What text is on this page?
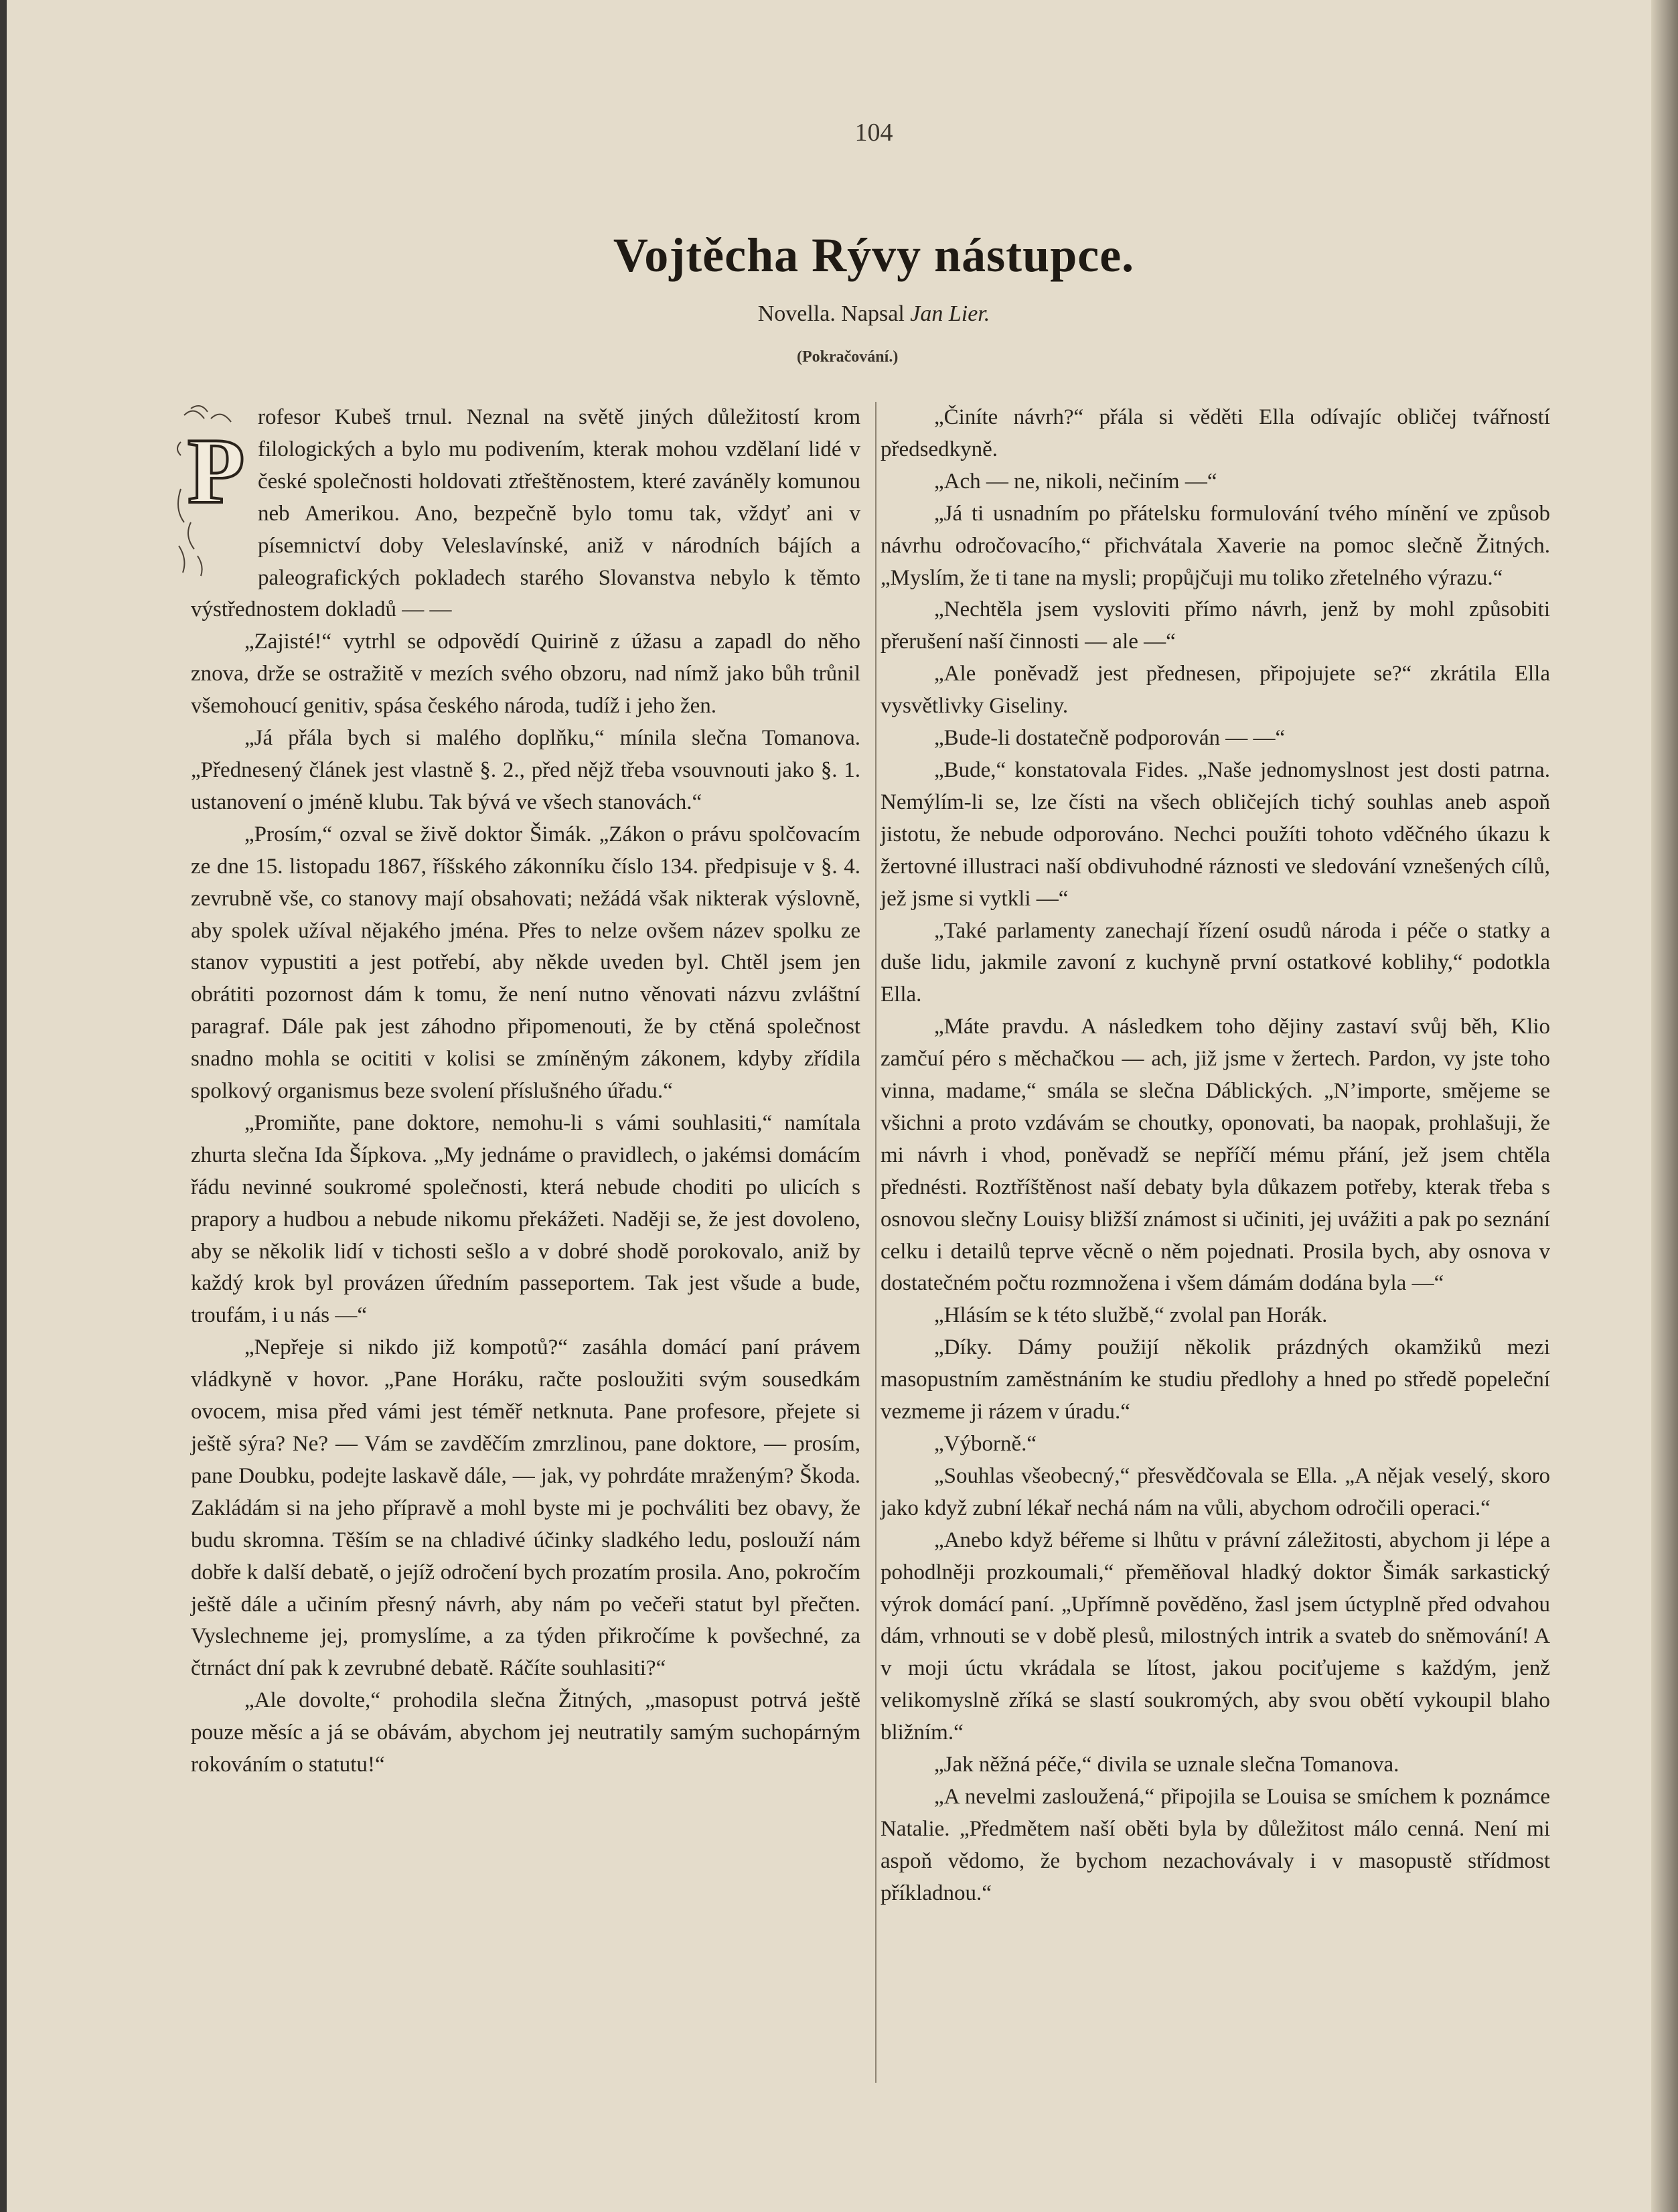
104
Vojtěcha Rývy nástupce.
Novella. Napsal Jan Lier.
(Pokračování.)

P
rofesor Kubeš trnul. Neznal na světě jiných důležitostí krom filologických a bylo mu podivením, kterak mohou vzdělaní lidé v české společnosti holdovati ztřeštěnostem, které zaváněly komunou neb Amerikou. Ano, bezpečně bylo tomu tak, vždyť ani v písemnictví doby Veleslavínské, aniž v národních bájích a paleografických pokladech starého Slovanstva nebylo k těmto výstřednostem dokladů — —

„Zajisté!“ vytrhl se odpovědí Quirině z úžasu a zapadl do něho znova, drže se ostražitě v mezích svého obzoru, nad nímž jako bůh trůnil všemohoucí genitiv, spása českého národa, tudíž i jeho žen.

„Já přála bych si malého doplňku,“ mínila slečna Tomanova. „Přednesený článek jest vlastně §. 2., před nějž třeba vsouvnouti jako §. 1. ustanovení o jméně klubu. Tak bývá ve všech stanovách.“

„Prosím,“ ozval se živě doktor Šimák. „Zákon o právu spolčovacím ze dne 15. listopadu 1867, říšského zákonníku číslo 134. předpisuje v §. 4. zevrubně vše, co stanovy mají obsahovati; nežádá však nikterak výslovně, aby spolek užíval nějakého jména. Přes to nelze ovšem název spolku ze stanov vypustiti a jest potřebí, aby někde uveden byl. Chtěl jsem jen obrátiti pozornost dám k tomu, že není nutno věnovati názvu zvláštní paragraf. Dále pak jest záhodno připomenouti, že by ctěná společnost snadno mohla se ocititi v kolisi se zmíněným zákonem, kdyby zřídila spolkový organismus beze svolení příslušného úřadu.“

„Promiňte, pane doktore, nemohu-li s vámi souhlasiti,“ namítala zhurta slečna Ida Šípkova. „My jednáme o pravidlech, o jakémsi domácím řádu nevinné soukromé společnosti, která nebude choditi po ulicích s prapory a hudbou a nebude nikomu překážeti. Naději se, že jest dovoleno, aby se několik lidí v tichosti sešlo a v dobré shodě porokovalo, aniž by každý krok byl provázen úředním passeportem. Tak jest všude a bude, troufám, i u nás —“

„Nepřeje si nikdo již kompotů?“ zasáhla domácí paní právem vládkyně v hovor. „Pane Horáku, račte posloužiti svým sousedkám ovocem, misa před vámi jest téměř netknuta. Pane profesore, přejete si ještě sýra? Ne? — Vám se zavděčím zmrzlinou, pane doktore, — prosím, pane Doubku, podejte laskavě dále, — jak, vy pohrdáte mraženým? Škoda. Zakládám si na jeho přípravě a mohl byste mi je pochváliti bez obavy, že budu skromna. Těším se na chladivé účinky sladkého ledu, poslouží nám dobře k další debatě, o jejíž odročení bych prozatím prosila. Ano, pokročím ještě dále a učiním přesný návrh, aby nám po večeři statut byl přečten. Vyslechneme jej, promyslíme, a za týden přikročíme k povšechné, za čtrnáct dní pak k zevrubné debatě. Ráčíte souhlasiti?“

„Ale dovolte,“ prohodila slečna Žitných, „masopust potrvá ještě pouze měsíc a já se obávám, abychom jej neutratily samým suchopárným rokováním o statutu!“

„Činíte návrh?“ přála si věděti Ella odívajíc obličej tvářností předsedkyně.

„Ach — ne, nikoli, nečiním —“

„Já ti usnadním po přátelsku formulování tvého mínění ve způsob návrhu odročovacího,“ přichvátala Xaverie na pomoc slečně Žitných. „Myslím, že ti tane na mysli; propůjčuji mu toliko zřetelného výrazu.“

„Nechtěla jsem vysloviti přímo návrh, jenž by mohl způsobiti přerušení naší činnosti — ale —“

„Ale poněvadž jest přednesen, připojujete se?“ zkrátila Ella vysvětlivky Giseliny.

„Bude-li dostatečně podporován — —“

„Bude,“ konstatovala Fides. „Naše jednomyslnost jest dosti patrna. Nemýlím-li se, lze čísti na všech obličejích tichý souhlas aneb aspoň jistotu, že nebude odporováno. Nechci použíti tohoto vděčného úkazu k žertovné illustraci naší obdivuhodné ráznosti ve sledování vznešených cílů, jež jsme si vytkli —“

„Také parlamenty zanechají řízení osudů národa i péče o statky a duše lidu, jakmile zavoní z kuchyně první ostatkové koblihy,“ podotkla Ella.

„Máte pravdu. A následkem toho dějiny zastaví svůj běh, Klio zamčuí péro s měchačkou — ach, již jsme v žertech. Pardon, vy jste toho vinna, madame,“ smála se slečna Dáblických. „N’importe, smějeme se všichni a proto vzdávám se choutky, oponovati, ba naopak, prohlašuji, že mi návrh i vhod, poněvadž se nepříčí mému přání, jež jsem chtěla přednésti. Roztříštěnost naší debaty byla důkazem potřeby, kterak třeba s osnovou slečny Louisy bližší známost si učiniti, jej uvážiti a pak po seznání celku i detailů teprve věcně o něm pojednati. Prosila bych, aby osnova v dostatečném počtu rozmnožena i všem dámám dodána byla —“

„Hlásím se k této službě,“ zvolal pan Horák.

„Díky. Dámy použijí několik prázdných okamžiků mezi masopustním zaměstnáním ke studiu předlohy a hned po středě popeleční vezmeme ji rázem v úradu.“

„Výborně.“

„Souhlas všeobecný,“ přesvědčovala se Ella. „A nějak veselý, skoro jako když zubní lékař nechá nám na vůli, abychom odročili operaci.“

„Anebo když béřeme si lhůtu v právní záležitosti, abychom ji lépe a pohodlněji prozkoumali,“ přeměňoval hladký doktor Šimák sarkastický výrok domácí paní. „Upřímně pověděno, žasl jsem úctyplně před odvahou dám, vrhnouti se v době plesů, milostných intrik a svateb do sněmování! A v moji úctu vkrádala se lítost, jakou pociťujeme s každým, jenž velikomyslně zříká se slastí soukromých, aby svou obětí vykoupil blaho bližním.“

„Jak něžná péče,“ divila se uznale slečna Tomanova.

„A nevelmi zasloužená,“ připojila se Louisa se smíchem k poznámce Natalie. „Předmětem naší oběti byla by důležitost málo cenná. Není mi aspoň vědomo, že bychom nezachovávaly i v masopustě střídmost příkladnou.“
